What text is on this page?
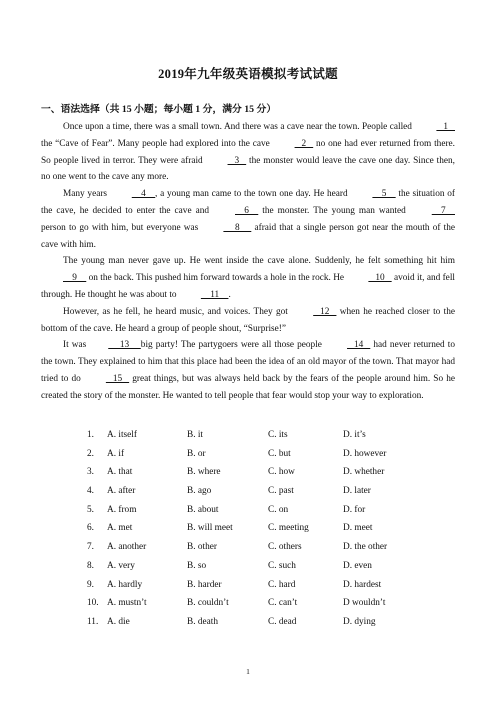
2019年九年级英语模拟考试试题
一、语法选择（共 15 小题；每小题 1 分，满分 15 分）

Once upon a time, there was a small town. And there was a cave near the town. People called    1    the “Cave of Fear”. Many people had explored into the cave    2    no one had ever returned from there. So people lived in terror. They were afraid    3    the monster would leave the cave one day. Since then, no one went to the cave any more.

Many years     4    , a young man came to the town one day. He heard     5     the situation of the cave, he decided to enter the cave and     6     the monster. The young man wanted     7     person to go with him, but everyone was      8      afraid that a single person got near the mouth of the cave with him.

The young man never gave up. He went inside the cave alone. Suddenly, he felt something hit him     9     on the back. This pushed him forward towards a hole in the rock. He    10    avoid it, and fell through. He thought he was about to     11    .

However, as he fell, he heard music, and voices. They got    12    when he reached closer to the bottom of the cave. He heard a group of people shout, “Surprise!”

It was     13     big party! The partygoers were all those people    14    had never returned to the town. They explained to him that this place had been the idea of an old mayor of the town. That mayor had tried to do    15    great things, but was always held back by the fears of the people around him. So he created the story of the monster. He wanted to tell people that fear would stop your way to exploration.

1. A. itself	B. it	C. its	D. it’s
2. A. if	B. or	C. but	D. however
3. A. that	B. where	C. how	D. whether
4. A. after	B. ago	C. past	D. later
5. A. from	B. about	C. on	D. for
6. A. met	B. will meet	C. meeting	D. meet
7. A. another	B. other	C. others	D. the other
8. A. very	B. so	C. such	D. even
9. A. hardly	B. harder	C. hard	D. hardest
10. A. mustn’t	B. couldn’t	C. can’t	D wouldn’t
11. A. die	B. death	C. dead	D. dying
1
